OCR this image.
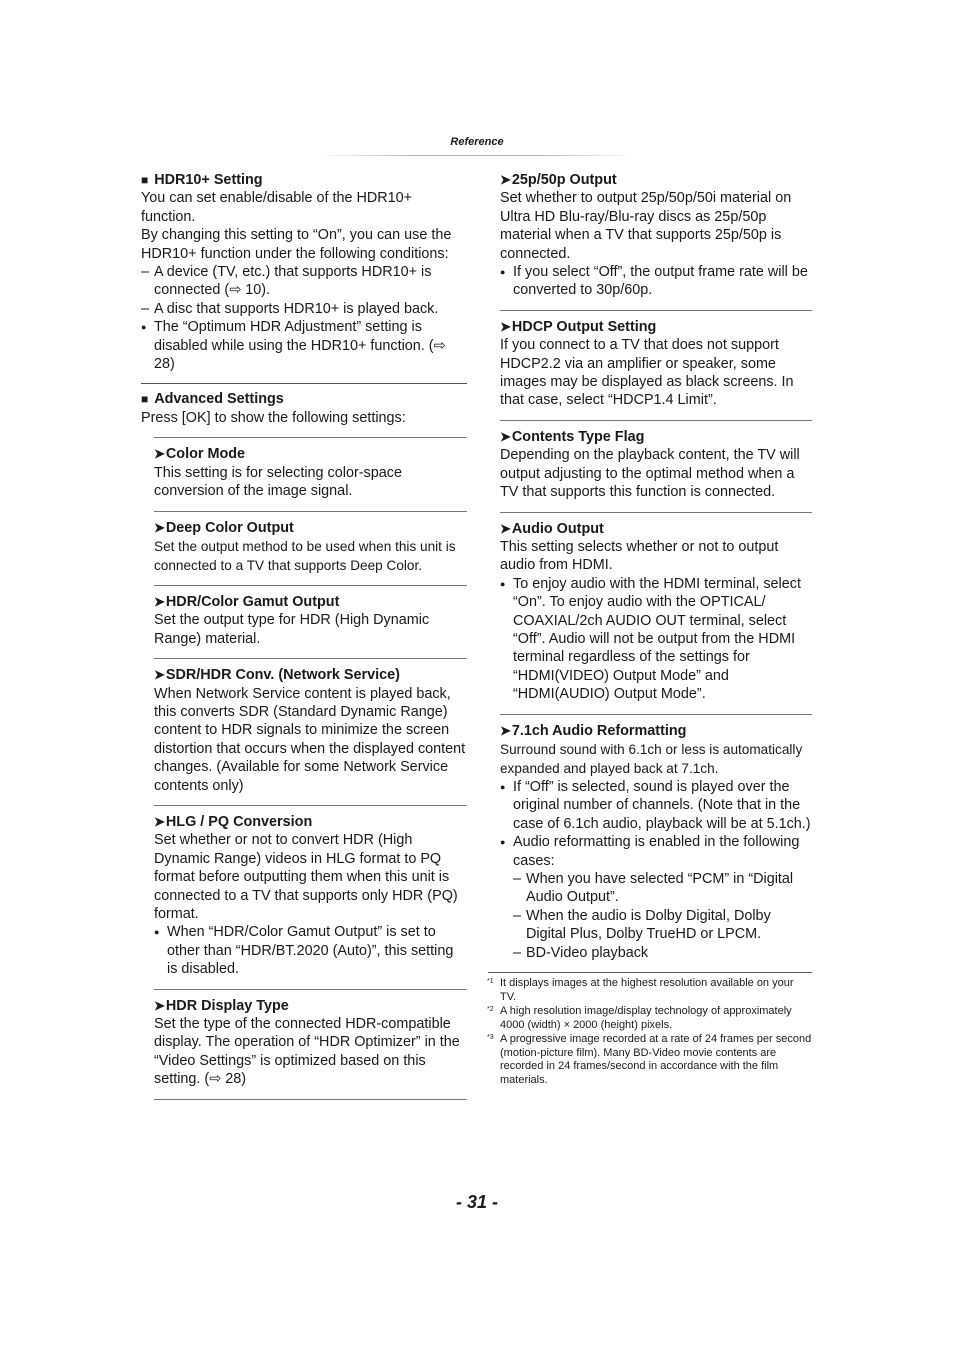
Reference

■ HDR10+ Setting

You can set enable/disable of the HDR10+ function.

By changing this setting to “On”, you can use the HDR10+ function under the following conditions:

– A device (TV, etc.) that supports HDR10+ is connected (⇨ 10).

– A disc that supports HDR10+ is played back.

● The “Optimum HDR Adjustment” setting is disabled while using the HDR10+ function. (⇨ 28)

■ Advanced Settings

Press [OK] to show the following settings:

➤Color Mode

This setting is for selecting color-space conversion of the image signal.

➤Deep Color Output

Set the output method to be used when this unit is connected to a TV that supports Deep Color.

➤HDR/Color Gamut Output

Set the output type for HDR (High Dynamic Range) material.

➤SDR/HDR Conv. (Network Service)

When Network Service content is played back, this converts SDR (Standard Dynamic Range) content to HDR signals to minimize the screen distortion that occurs when the displayed content changes. (Available for some Network Service contents only)

➤HLG / PQ Conversion

Set whether or not to convert HDR (High Dynamic Range) videos in HLG format to PQ format before outputting them when this unit is connected to a TV that supports only HDR (PQ) format.

● When “HDR/Color Gamut Output” is set to other than “HDR/BT.2020 (Auto)”, this setting is disabled.

➤HDR Display Type

Set the type of the connected HDR-compatible display. The operation of “HDR Optimizer” in the “Video Settings” is optimized based on this setting. (⇨ 28)

➤25p/50p Output

Set whether to output 25p/50p/50i material on Ultra HD Blu-ray/Blu-ray discs as 25p/50p material when a TV that supports 25p/50p is connected.

● If you select “Off”, the output frame rate will be converted to 30p/60p.

➤HDCP Output Setting

If you connect to a TV that does not support HDCP2.2 via an amplifier or speaker, some images may be displayed as black screens. In that case, select “HDCP1.4 Limit”.

➤Contents Type Flag

Depending on the playback content, the TV will output adjusting to the optimal method when a TV that supports this function is connected.

➤Audio Output

This setting selects whether or not to output audio from HDMI.

● To enjoy audio with the HDMI terminal, select “On”. To enjoy audio with the OPTICAL/ COAXIAL/2ch AUDIO OUT terminal, select “Off”. Audio will not be output from the HDMI terminal regardless of the settings for “HDMI(VIDEO) Output Mode” and “HDMI(AUDIO) Output Mode”.

➤7.1ch Audio Reformatting

Surround sound with 6.1ch or less is automatically expanded and played back at 7.1ch.

● If “Off” is selected, sound is played over the original number of channels. (Note that in the case of 6.1ch audio, playback will be at 5.1ch.)

● Audio reformatting is enabled in the following cases:

– When you have selected “PCM” in “Digital Audio Output”.

– When the audio is Dolby Digital, Dolby Digital Plus, Dolby TrueHD or LPCM.

– BD-Video playback

*1 It displays images at the highest resolution available on your TV.
*2 A high resolution image/display technology of approximately 4000 (width) × 2000 (height) pixels.
*3 A progressive image recorded at a rate of 24 frames per second (motion-picture film). Many BD-Video movie contents are recorded in 24 frames/second in accordance with the film materials.
- 31 -
